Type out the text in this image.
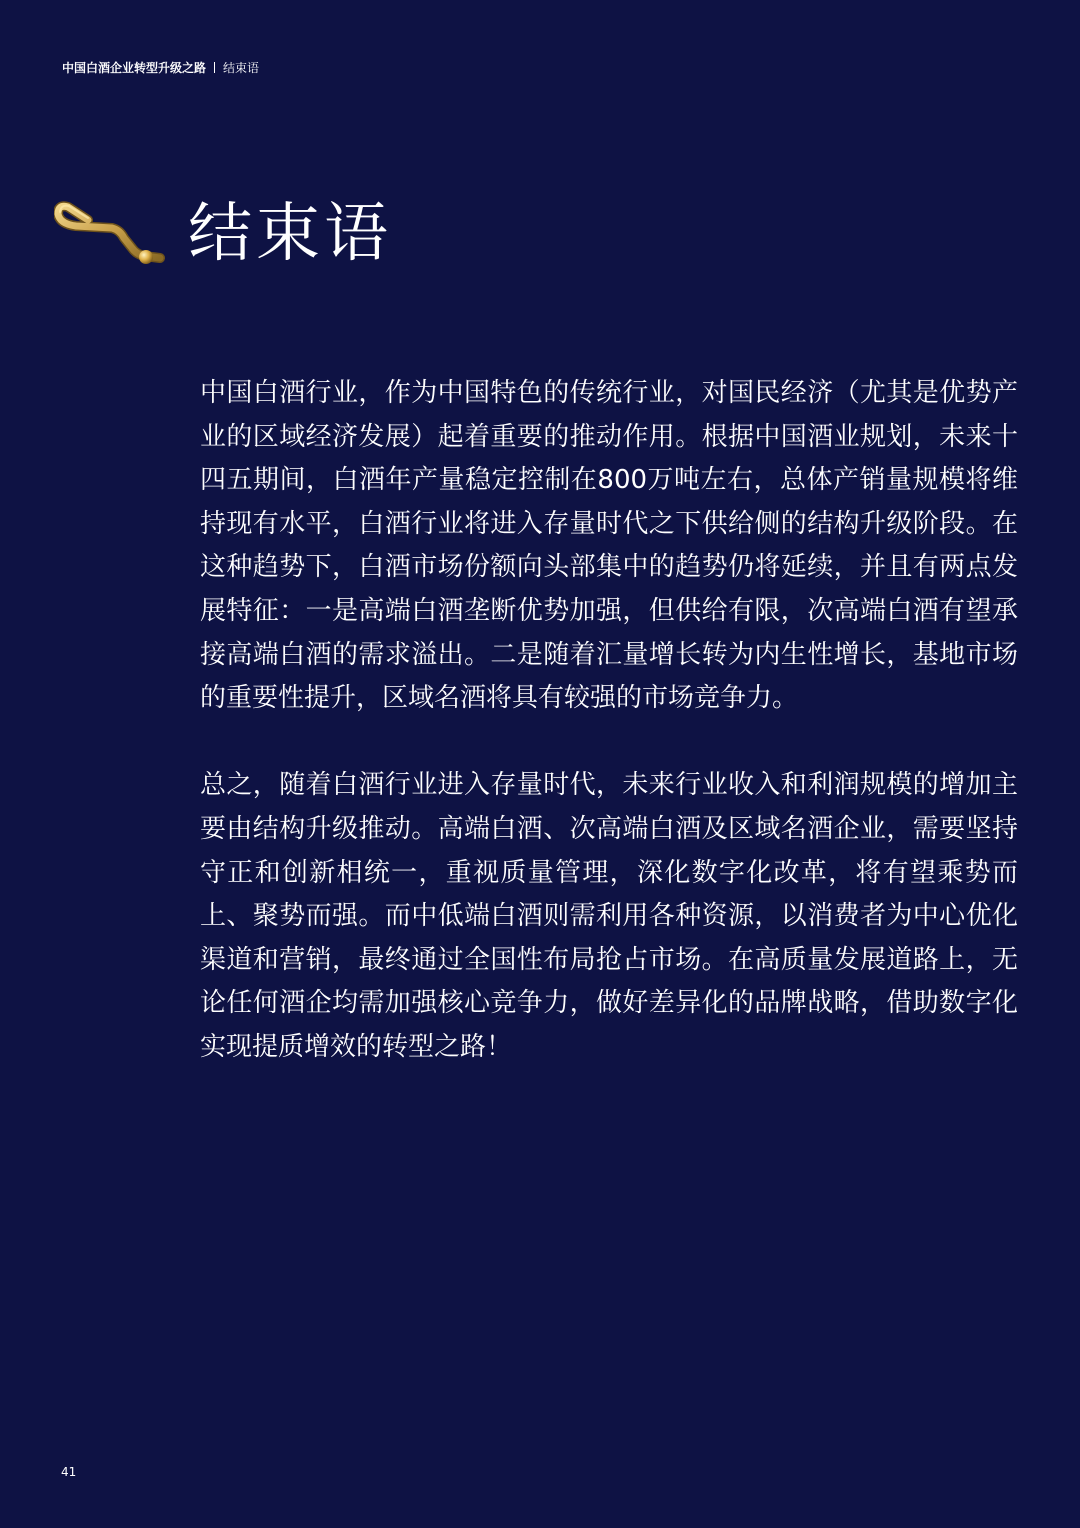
中国白酒企业转型升级之路 结束语
结束语

中国白酒行业，作为中国特色的传统行业，对国民经济（尤其是优势产业的区域经济发展）起着重要的推动作用。根据中国酒业规划，未来十四五期间，白酒年产量稳定控制在800万吨左右，总体产销量规模将维持现有水平，白酒行业将进入存量时代之下供给侧的结构升级阶段。在这种趋势下，白酒市场份额向头部集中的趋势仍将延续，并且有两点发展特征：一是高端白酒垄断优势加强，但供给有限，次高端白酒有望承接高端白酒的需求溢出。二是随着汇量增长转为内生性增长，基地市场的重要性提升，区域名酒将具有较强的市场竞争力。

总之，随着白酒行业进入存量时代，未来行业收入和利润规模的增加主要由结构升级推动。高端白酒、次高端白酒及区域名酒企业，需要坚持守正和创新相统一，重视质量管理，深化数字化改革，将有望乘势而上、聚势而强。而中低端白酒则需利用各种资源，以消费者为中心优化渠道和营销，最终通过全国性布局抢占市场。在高质量发展道路上，无论任何酒企均需加强核心竞争力，做好差异化的品牌战略，借助数字化实现提质增效的转型之路！

41
